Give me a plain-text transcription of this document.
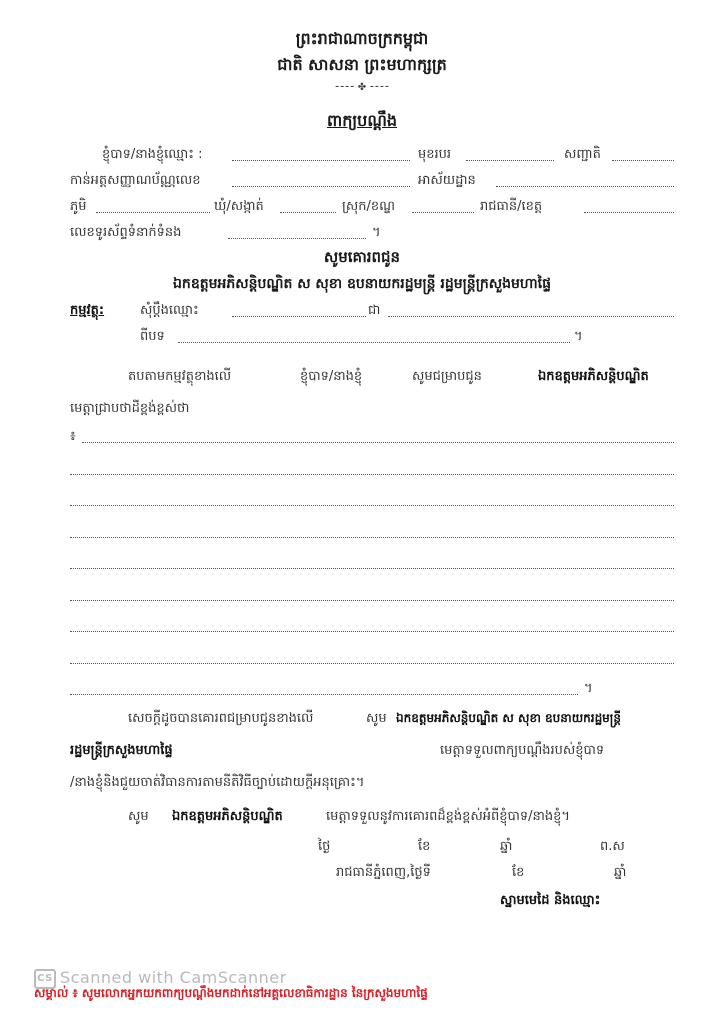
ព្រះរាជាណាចក្រកម្ពុជា
ជាតិ សាសនា ព្រះមហាក្សត្រ
⁃⁃⁃⁃ ✤ ⁃⁃⁃⁃
ពាក្យបណ្តឹង
ខ្ញុំបាទ/នាងខ្ញុំឈ្មោះ :	មុខរបរ	សញ្ជាតិ
កាន់អត្តសញ្ញាណប័ណ្ណលេខ	អាស័យដ្ឋាន
ភូមិ	ឃុំ/សង្កាត់	ស្រុក/ខណ្ឌ	រាជធានី/ខេត្ត
លេខទូរស័ព្ទទំនាក់ទំនង	។
សូមគោរពជូន
ឯកឧត្តមអភិសន្តិបណ្ឌិត ស សុខា ឧបនាយករដ្ឋមន្ត្រី រដ្ឋមន្ត្រីក្រសួងមហាផ្ទៃ
កម្មវត្ថុ:	សុំប្តឹងឈ្មោះ	ជា
ពីបទ	។
តបតាមកម្មវត្ថុខាងលើ	ខ្ញុំបាទ/នាងខ្ញុំ	សូមជម្រាបជូន	ឯកឧត្តមអភិសន្តិបណ្ឌិត
មេត្តាជ្រាបថាដីខ្ពង់ខ្ពស់ថា
៖
។
សេចក្តីដូចបានគោរពជម្រាបជូនខាងលើ	សូម ឯកឧត្តមអភិសន្តិបណ្ឌិត ស សុខា ឧបនាយករដ្ឋមន្ត្រី
រដ្ឋមន្ត្រីក្រសួងមហាផ្ទៃ	មេត្តាទទួលពាក្យបណ្តឹងរបស់ខ្ញុំបាទ
/នាងខ្ញុំនិងជួយចាត់វិធានការតាមនីតិវិធីច្បាប់ដោយក្តីអនុគ្រោះ។
សូម ឯកឧត្តមអភិសន្តិបណ្ឌិត	មេត្តាទទួលនូវការគោរពដ៏ខ្ពង់ខ្ពស់អំពីខ្ញុំបាទ/នាងខ្ញុំ។
ថ្ងៃ	ខែ	ឆ្នាំ	ព.ស
រាជធានីភ្នំពេញ,ថ្ងៃទី	ខែ	ឆ្នាំ
ស្នាមមេដៃ និងឈ្មោះ
CS Scanned with CamScanner
សម្គាល់ ៖ សូមលោកអ្នកយកពាក្យបណ្តឹងមកដាក់នៅអគ្គលេខាធិការដ្ឋាន នៃក្រសួងមហាផ្ទៃ
